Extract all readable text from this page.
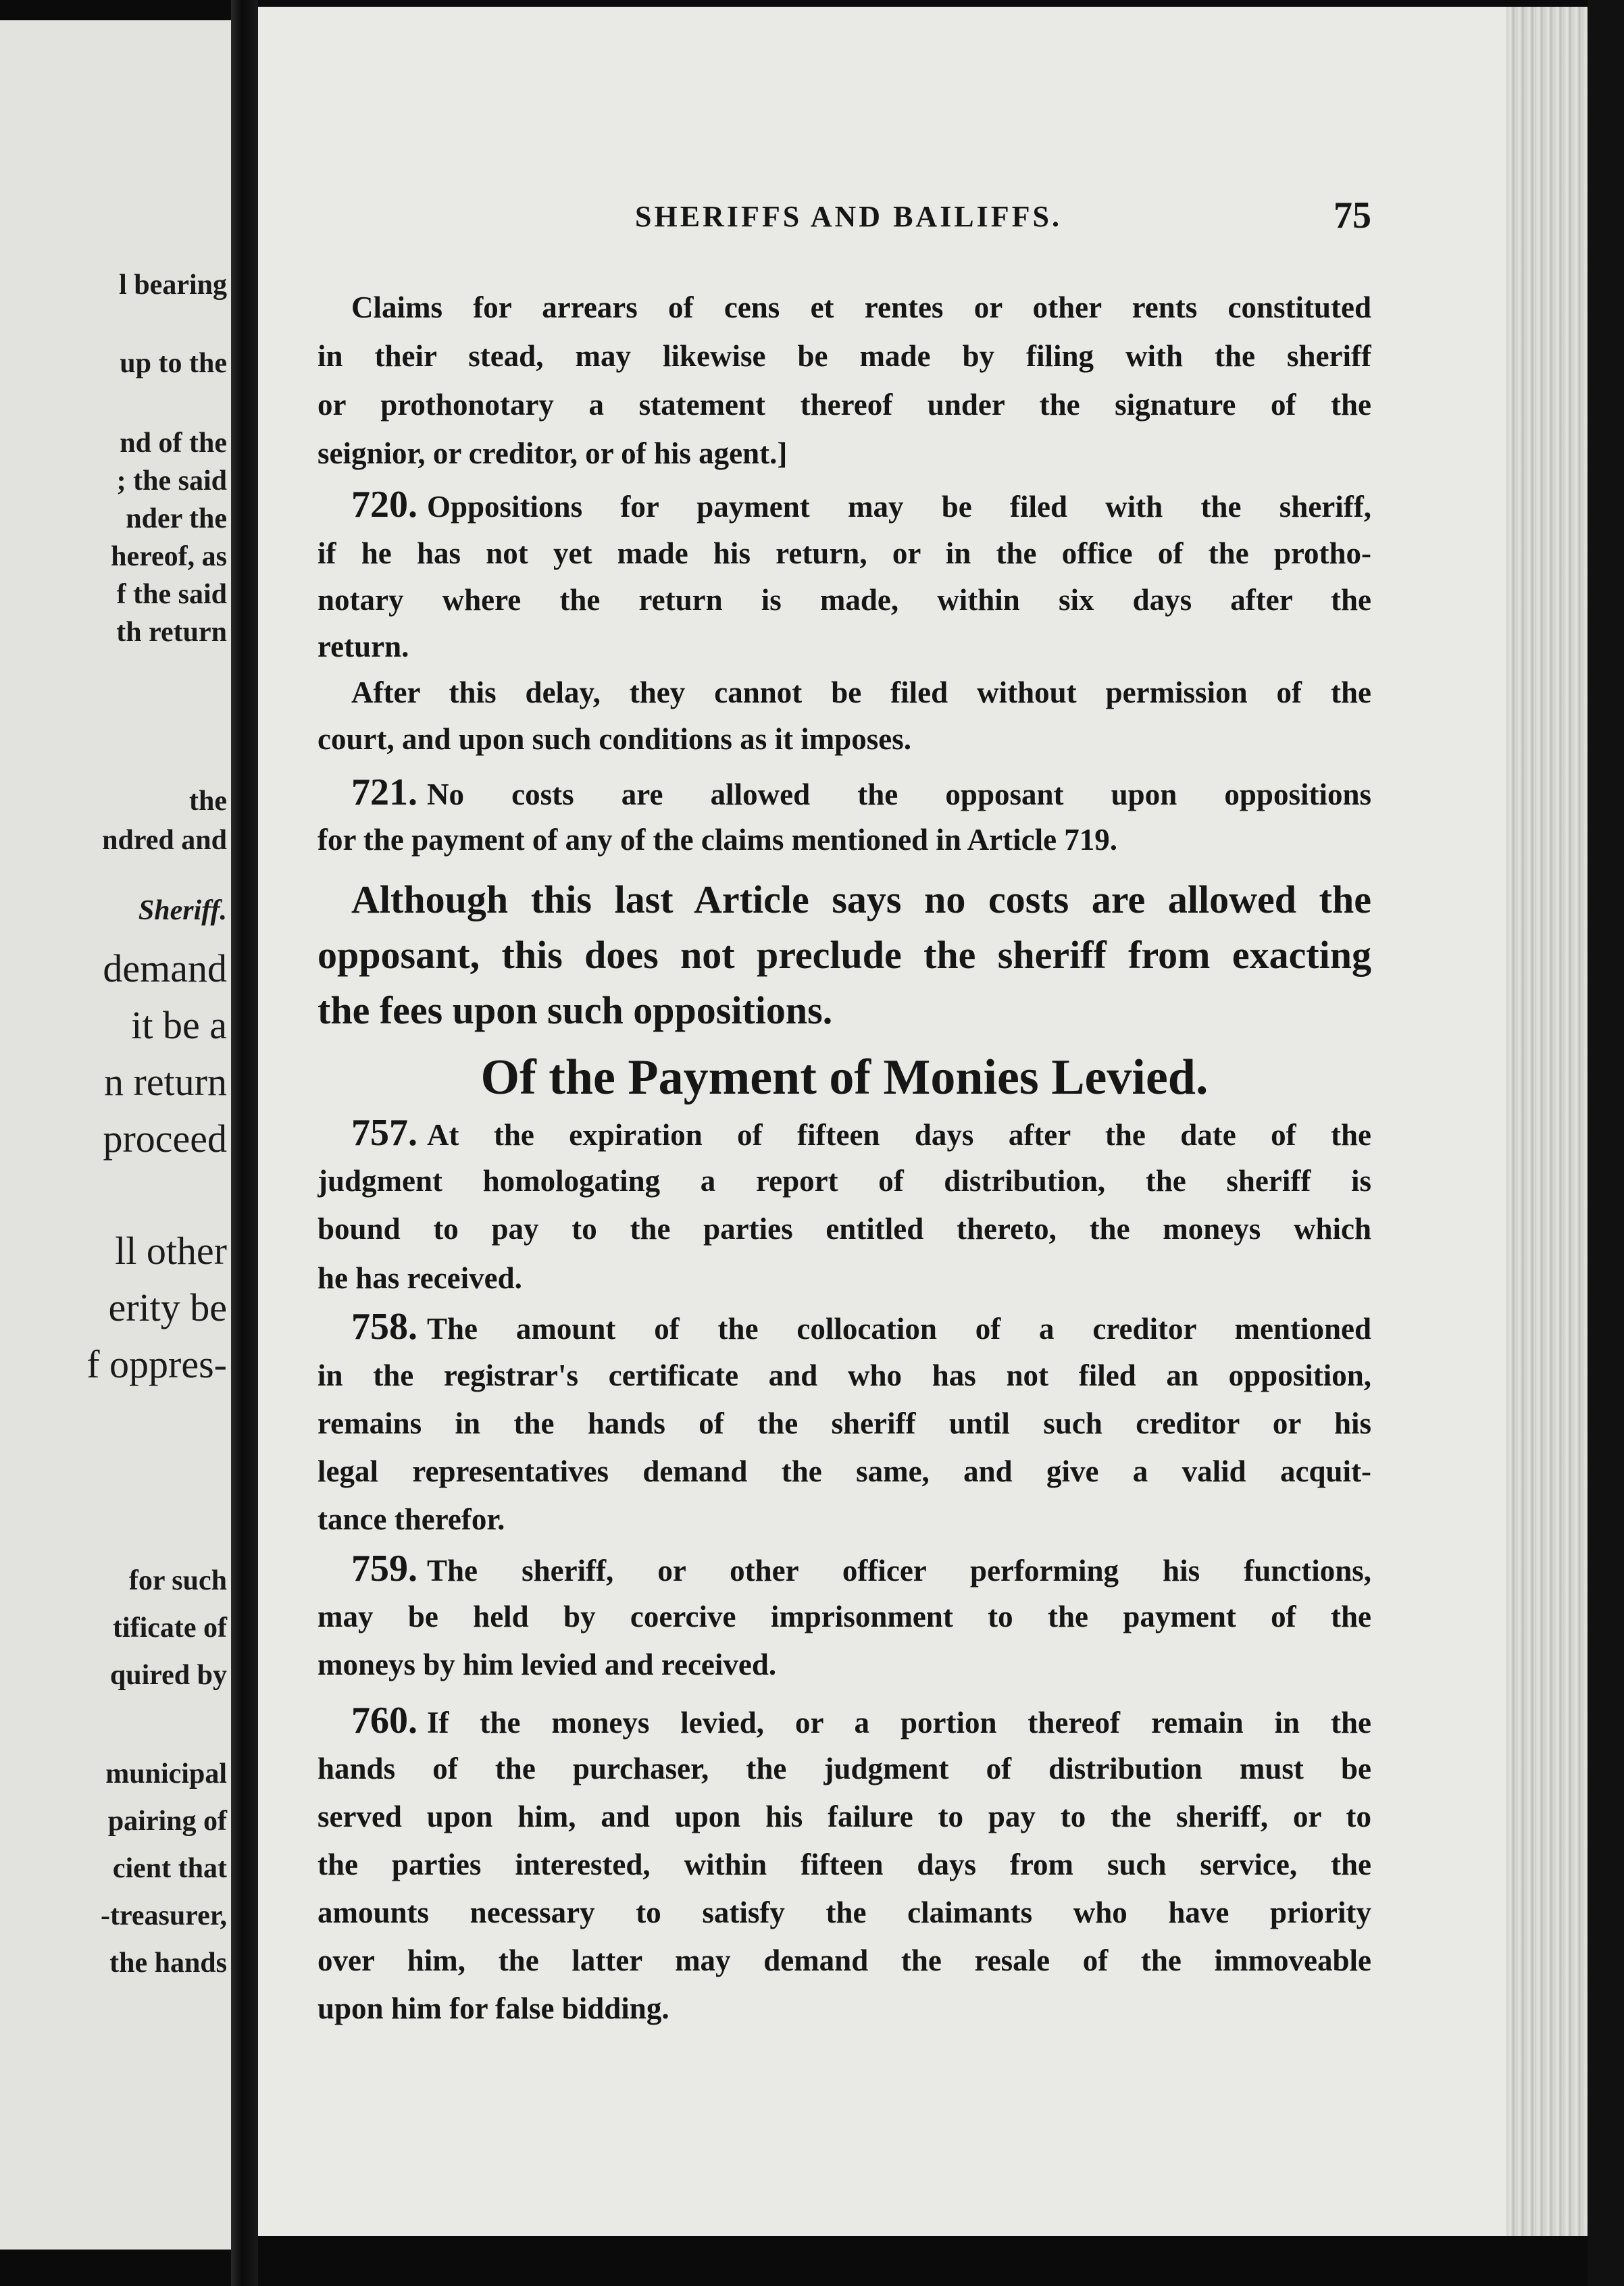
l bearing
up to the
nd of the
; the said
nder the
hereof, as
f the said
th return
the
ndred and
Sheriff.
demand
it be a
n return
proceed
ll other
erity be
f oppres-
for such
tificate of
quired by
municipal
pairing of
cient that
-treasurer,
the hands
SHERIFFS AND BAILIFFS.	75
Claims for arrears of cens et rentes or other rents constituted
in their stead, may likewise be made by filing with the sheriff
or prothonotary a statement thereof under the signature of the
seignior, or creditor, or of his agent.]
720. Oppositions for payment may be filed with the sheriff,
if he has not yet made his return, or in the office of the protho-
notary where the return is made, within six days after the
return.
After this delay, they cannot be filed without permission of the
court, and upon such conditions as it imposes.
721. No costs are allowed the opposant upon oppositions
for the payment of any of the claims mentioned in Article 719.
Although this last Article says no costs are allowed the
opposant, this does not preclude the sheriff from exacting
the fees upon such oppositions.
Of the Payment of Monies Levied.
757. At the expiration of fifteen days after the date of the
judgment homologating a report of distribution, the sheriff is
bound to pay to the parties entitled thereto, the moneys which
he has received.
758. The amount of the collocation of a creditor mentioned
in the registrar's certificate and who has not filed an opposition,
remains in the hands of the sheriff until such creditor or his
legal representatives demand the same, and give a valid acquit-
tance therefor.
759. The sheriff, or other officer performing his functions,
may be held by coercive imprisonment to the payment of the
moneys by him levied and received.
760. If the moneys levied, or a portion thereof remain in the
hands of the purchaser, the judgment of distribution must be
served upon him, and upon his failure to pay to the sheriff, or to
the parties interested, within fifteen days from such service, the
amounts necessary to satisfy the claimants who have priority
over him, the latter may demand the resale of the immoveable
upon him for false bidding.
